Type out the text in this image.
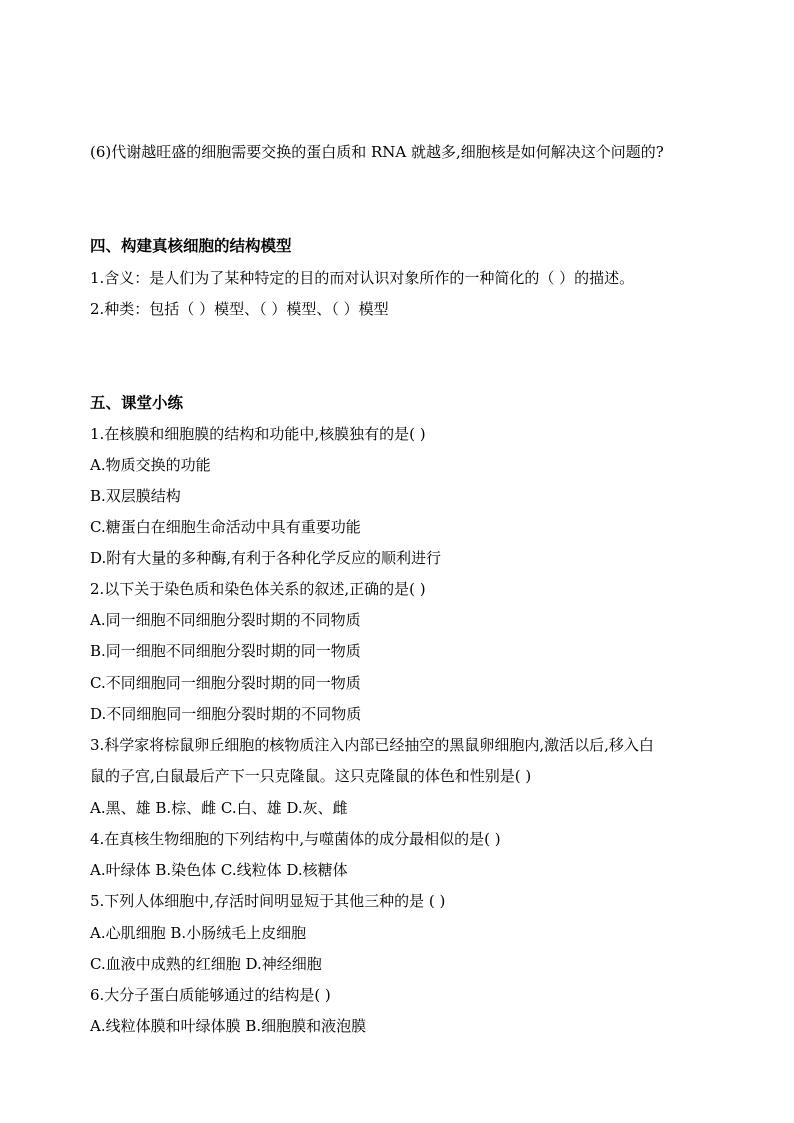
(6)代谢越旺盛的细胞需要交换的蛋白质和 RNA 就越多,细胞核是如何解决这个问题的?
四、构建真核细胞的结构模型
1.含义：是人们为了某种特定的目的而对认识对象所作的一种简化的（ ）的描述。
2.种类：包括（ ）模型、（ ）模型、（ ）模型
五、课堂小练
1.在核膜和细胞膜的结构和功能中,核膜独有的是( )
A.物质交换的功能
B.双层膜结构
C.糖蛋白在细胞生命活动中具有重要功能
D.附有大量的多种酶,有利于各种化学反应的顺利进行
2.以下关于染色质和染色体关系的叙述,正确的是( )
A.同一细胞不同细胞分裂时期的不同物质
B.同一细胞不同细胞分裂时期的同一物质
C.不同细胞同一细胞分裂时期的同一物质
D.不同细胞同一细胞分裂时期的不同物质
3.科学家将棕鼠卵丘细胞的核物质注入内部已经抽空的黑鼠卵细胞内,激活以后,移入白
鼠的子宫,白鼠最后产下一只克隆鼠。这只克隆鼠的体色和性别是( )
A.黑、雄 B.棕、雌 C.白、雄 D.灰、雌
4.在真核生物细胞的下列结构中,与噬菌体的成分最相似的是( )
A.叶绿体 B.染色体 C.线粒体 D.核糖体
5.下列人体细胞中,存活时间明显短于其他三种的是 ( )
A.心肌细胞 B.小肠绒毛上皮细胞
C.血液中成熟的红细胞 D.神经细胞
6.大分子蛋白质能够通过的结构是( )
A.线粒体膜和叶绿体膜 B.细胞膜和液泡膜
